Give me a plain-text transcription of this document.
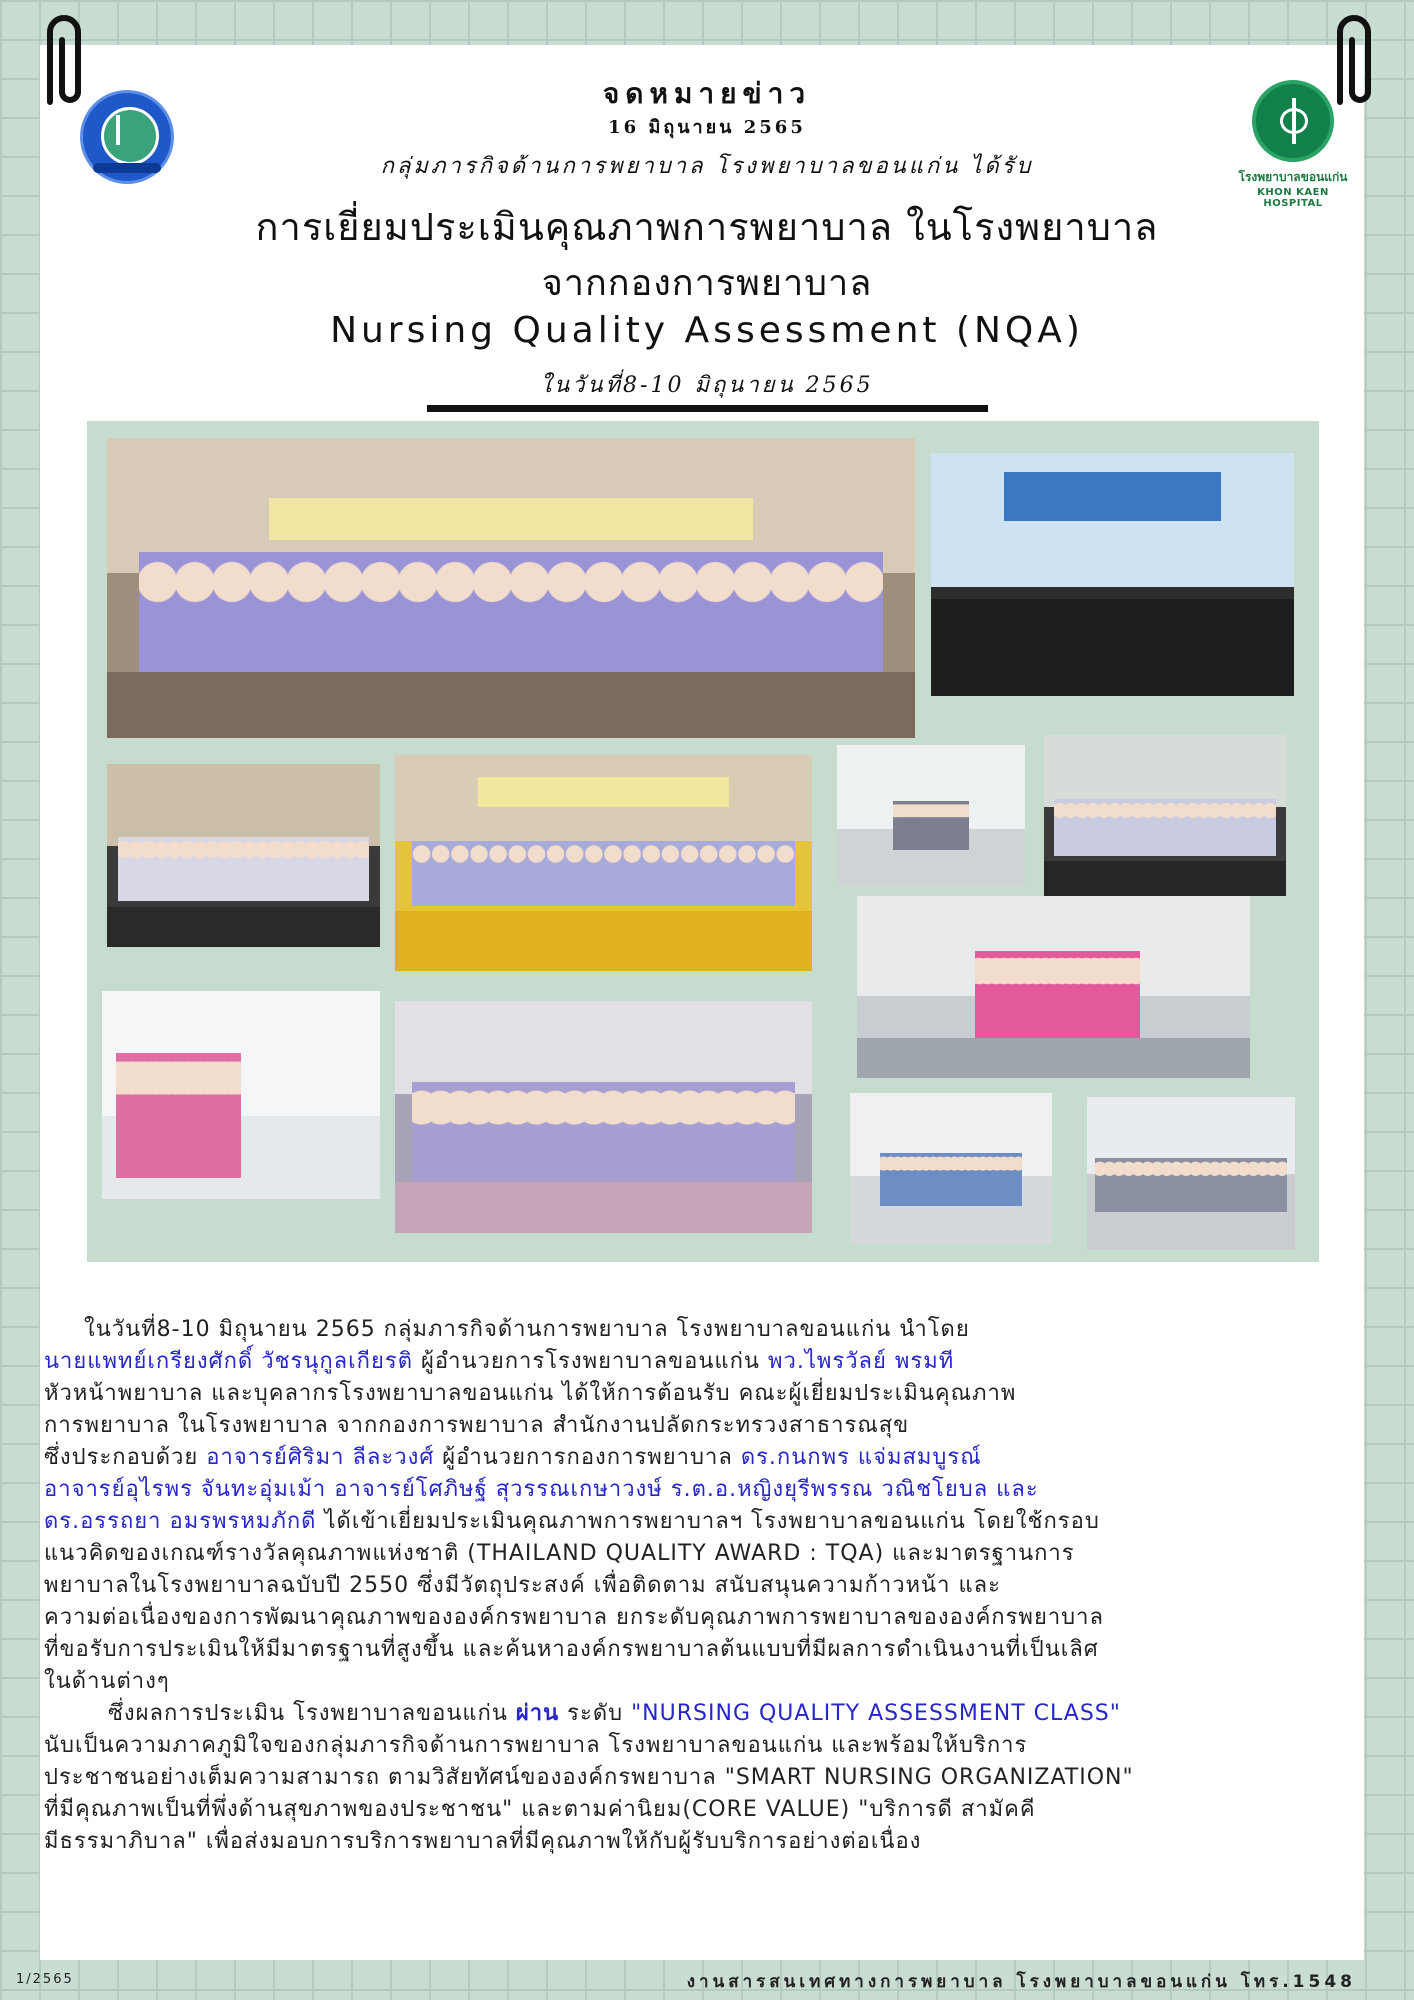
โรงพยาบาลขอนแก่น
KHON KAEN HOSPITAL
จดหมายข่าว
16 มิถุนายน 2565
กลุ่มภารกิจด้านการพยาบาล โรงพยาบาลขอนแก่น ได้รับ
การเยี่ยมประเมินคุณภาพการพยาบาล ในโรงพยาบาล
จากกองการพยาบาล
Nursing Quality Assessment (NQA)
ในวันที่8-10 มิถุนายน 2565

ในวันที่8-10 มิถุนายน 2565 กลุ่มภารกิจด้านการพยาบาล โรงพยาบาลขอนแก่น นำโดย

นายแพทย์เกรียงศักดิ์ วัชรนุกูลเกียรติ ผู้อำนวยการโรงพยาบาลขอนแก่น พว.ไพรวัลย์ พรมที

หัวหน้าพยาบาล และบุคลากรโรงพยาบาลขอนแก่น ได้ให้การต้อนรับ คณะผู้เยี่ยมประเมินคุณภาพ

การพยาบาล ในโรงพยาบาล จากกองการพยาบาล สำนักงานปลัดกระทรวงสาธารณสุข

ซึ่งประกอบด้วย อาจารย์ศิริมา ลีละวงศ์ ผู้อำนวยการกองการพยาบาล ดร.กนกพร แจ่มสมบูรณ์

อาจารย์อุไรพร จันทะอุ่มเม้า อาจารย์โศภิษฐ์ สุวรรณเกษาวงษ์ ร.ต.อ.หญิงยุรีพรรณ วณิชโยบล และ

ดร.อรรถยา อมรพรหมภักดี ได้เข้าเยี่ยมประเมินคุณภาพการพยาบาลฯ โรงพยาบาลขอนแก่น โดยใช้กรอบ

แนวคิดของเกณฑ์รางวัลคุณภาพแห่งชาติ (THAILAND QUALITY AWARD : TQA) และมาตรฐานการ

พยาบาลในโรงพยาบาลฉบับปี 2550 ซึ่งมีวัตถุประสงค์ เพื่อติดตาม สนับสนุนความก้าวหน้า และ

ความต่อเนื่องของการพัฒนาคุณภาพขององค์กรพยาบาล ยกระดับคุณภาพการพยาบาลขององค์กรพยาบาล

ที่ขอรับการประเมินให้มีมาตรฐานที่สูงขึ้น และค้นหาองค์กรพยาบาลต้นแบบที่มีผลการดำเนินงานที่เป็นเลิศ

ในด้านต่างๆ

ซึ่งผลการประเมิน โรงพยาบาลขอนแก่น ผ่าน ระดับ "NURSING QUALITY ASSESSMENT CLASS"

นับเป็นความภาคภูมิใจของกลุ่มภารกิจด้านการพยาบาล โรงพยาบาลขอนแก่น และพร้อมให้บริการ

ประชาชนอย่างเต็มความสามารถ ตามวิสัยทัศน์ขององค์กรพยาบาล "SMART NURSING ORGANIZATION"

ที่มีคุณภาพเป็นที่พึ่งด้านสุขภาพของประชาชน" และตามค่านิยม(CORE VALUE) "บริการดี สามัคคี

มีธรรมาภิบาล" เพื่อส่งมอบการบริการพยาบาลที่มีคุณภาพให้กับผู้รับบริการอย่างต่อเนื่อง

1/2565	งานสารสนเทศทางการพยาบาล โรงพยาบาลขอนแก่น โทร.1548
